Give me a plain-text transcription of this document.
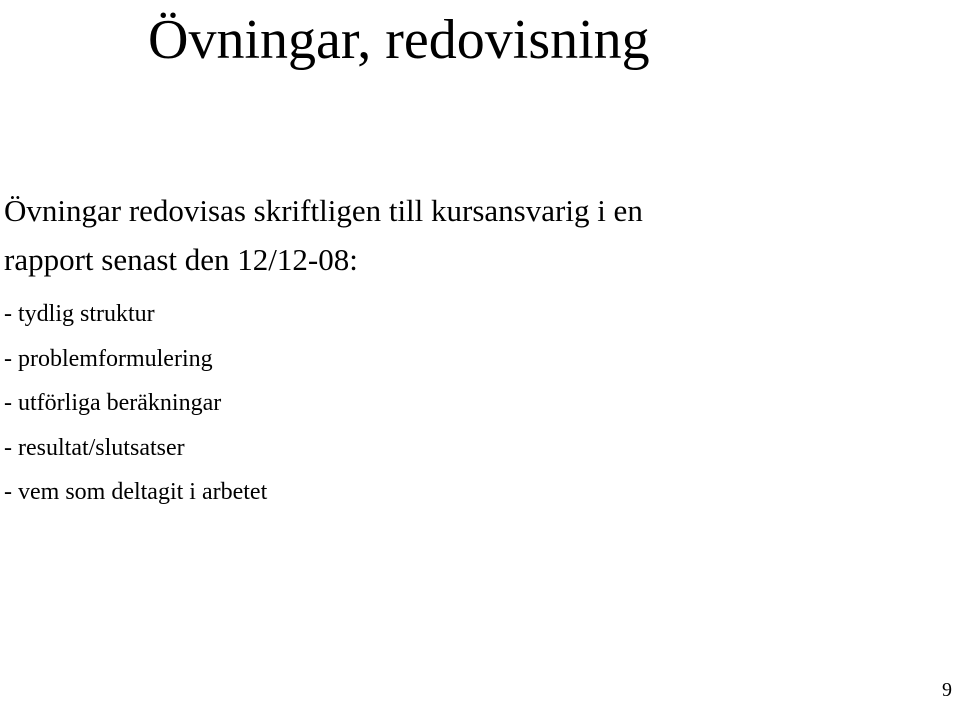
Övningar, redovisning

Övningar redovisas skriftligen till kursansvarig i en
rapport senast den 12/12-08:

- tydlig struktur
- problemformulering
- utförliga beräkningar
- resultat/slutsatser
- vem som deltagit i arbetet
9
